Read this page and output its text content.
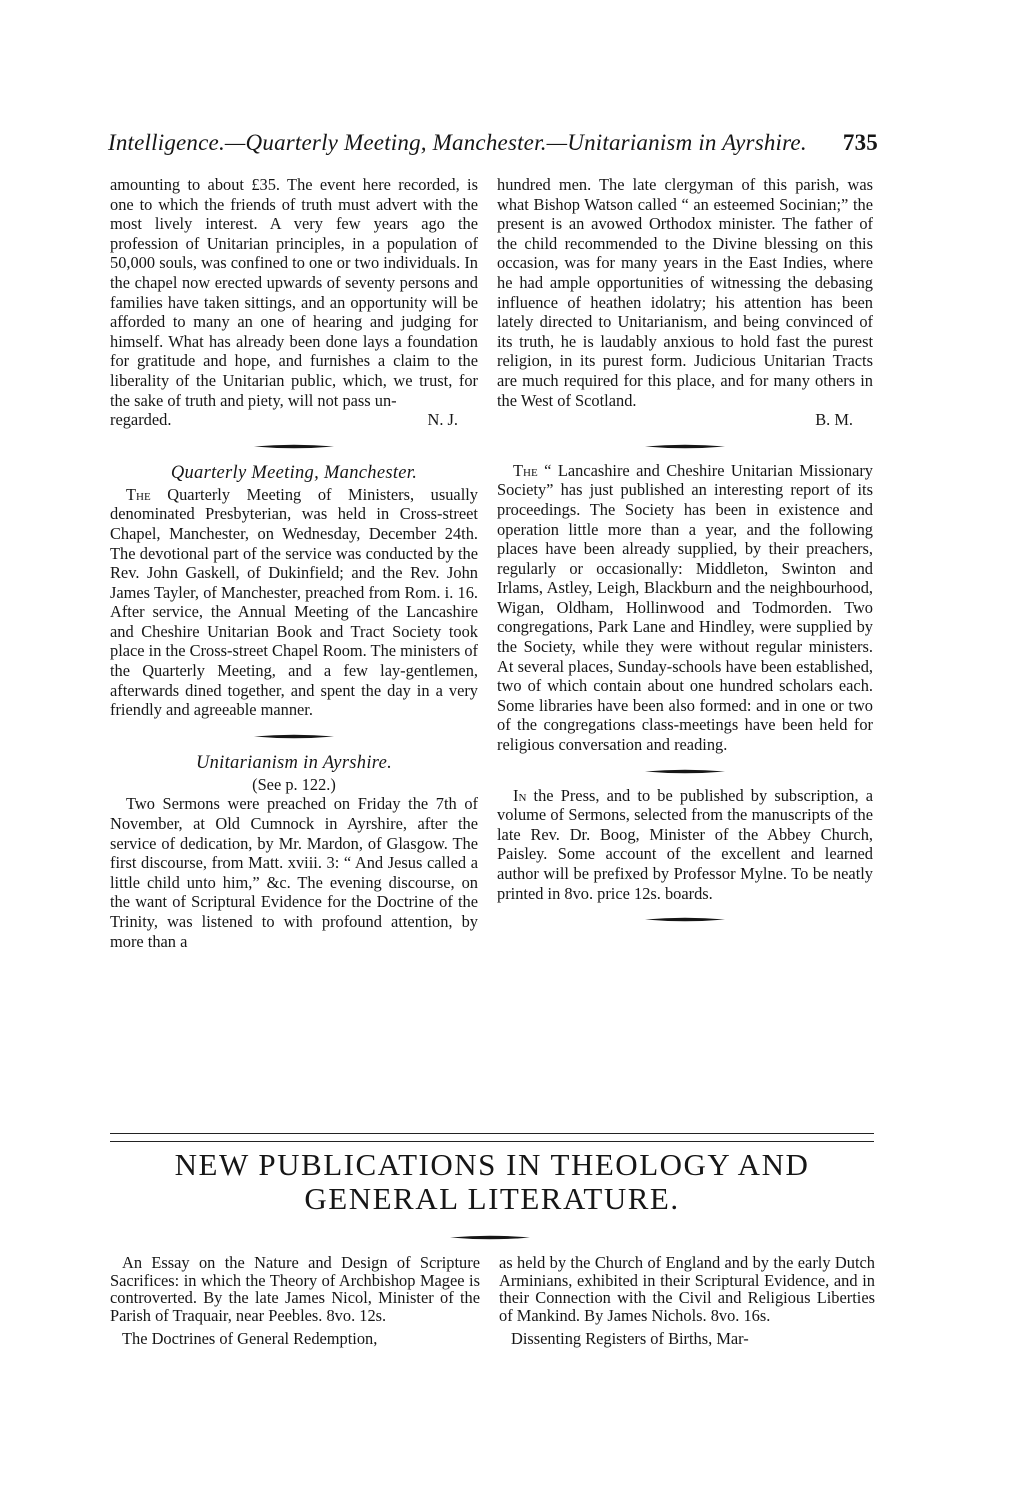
Intelligence.—Quarterly Meeting, Manchester.—Unitarianism in Ayrshire. 735

amounting to about £35. The event here recorded, is one to which the friends of truth must advert with the most lively interest. A very few years ago the profession of Unitarian principles, in a population of 50,000 souls, was confined to one or two individuals. In the chapel now erected upwards of seventy persons and families have taken sittings, and an opportunity will be afforded to many an one of hearing and judging for himself. What has already been done lays a foundation for gratitude and hope, and furnishes a claim to the liberality of the Unitarian public, which, we trust, for the sake of truth and piety, will not pass un-

regarded.	N. J.

Quarterly Meeting, Manchester.

The Quarterly Meeting of Ministers, usually denominated Presbyterian, was held in Cross-street Chapel, Manchester, on Wednesday, December 24th. The devotional part of the service was conducted by the Rev. John Gaskell, of Dukinfield; and the Rev. John James Tayler, of Manchester, preached from Rom. i. 16. After service, the Annual Meeting of the Lancashire and Cheshire Unitarian Book and Tract Society took place in the Cross-street Chapel Room. The ministers of the Quarterly Meeting, and a few lay-gentlemen, afterwards dined together, and spent the day in a very friendly and agreeable manner.

Unitarianism in Ayrshire.

(See p. 122.)

Two Sermons were preached on Friday the 7th of November, at Old Cumnock in Ayrshire, after the service of dedication, by Mr. Mardon, of Glasgow. The first discourse, from Matt. xviii. 3: “ And Jesus called a little child unto him,” &c. The evening discourse, on the want of Scriptural Evidence for the Doctrine of the Trinity, was listened to with profound attention, by more than a

hundred men. The late clergyman of this parish, was what Bishop Watson called “ an esteemed Socinian;” the present is an avowed Orthodox minister. The father of the child recommended to the Divine blessing on this occasion, was for many years in the East Indies, where he had ample opportunities of witnessing the debasing influence of heathen idolatry; his attention has been lately directed to Unitarianism, and being convinced of its truth, he is laudably anxious to hold fast the purest religion, in its purest form. Judicious Unitarian Tracts are much required for this place, and for many others in the West of Scotland.

B. M.

The “ Lancashire and Cheshire Unitarian Missionary Society” has just published an interesting report of its proceedings. The Society has been in existence and operation little more than a year, and the following places have been already supplied, by their preachers, regularly or occasionally: Middleton, Swinton and Irlams, Astley, Leigh, Blackburn and the neighbourhood, Wigan, Oldham, Hollinwood and Todmorden. Two congregations, Park Lane and Hindley, were supplied by the Society, while they were without regular ministers. At several places, Sunday-schools have been established, two of which contain about one hundred scholars each. Some libraries have been also formed: and in one or two of the congregations class-meetings have been held for religious conversation and reading.

In the Press, and to be published by subscription, a volume of Sermons, selected from the manuscripts of the late Rev. Dr. Boog, Minister of the Abbey Church, Paisley. Some account of the excellent and learned author will be prefixed by Professor Mylne. To be neatly printed in 8vo. price 12s. boards.

NEW PUBLICATIONS IN THEOLOGY AND
GENERAL LITERATURE.

An Essay on the Nature and Design of Scripture Sacrifices: in which the Theory of Archbishop Magee is controverted. By the late James Nicol, Minister of the Parish of Traquair, near Peebles. 8vo. 12s.

The Doctrines of General Redemption,

as held by the Church of England and by the early Dutch Arminians, exhibited in their Scriptural Evidence, and in their Connection with the Civil and Religious Liberties of Mankind. By James Nichols. 8vo. 16s.

Dissenting Registers of Births, Mar-
